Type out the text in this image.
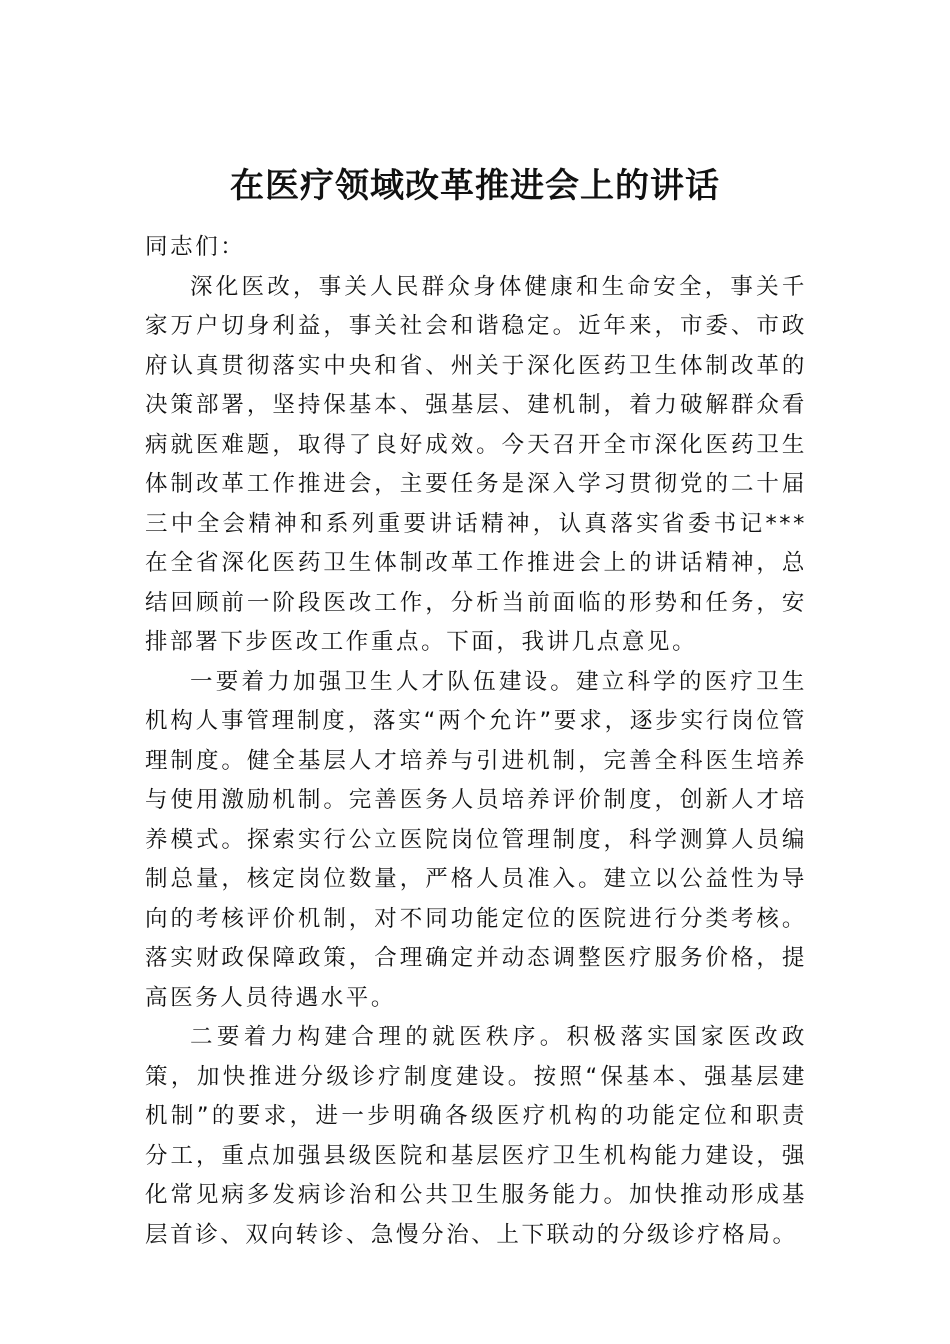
在医疗领域改革推进会上的讲话

同志们：

深化医改，事关人民群众身体健康和生命安全，事关千家万户切身利益，事关社会和谐稳定。近年来，市委、市政府认真贯彻落实中央和省、州关于深化医药卫生体制改革的决策部署，坚持保基本、强基层、建机制，着力破解群众看病就医难题，取得了良好成效。今天召开全市深化医药卫生体制改革工作推进会，主要任务是深入学习贯彻党的二十届三中全会精神和系列重要讲话精神，认真落实省委书记***在全省深化医药卫生体制改革工作推进会上的讲话精神，总结回顾前一阶段医改工作，分析当前面临的形势和任务，安排部署下步医改工作重点。下面，我讲几点意见。

一要着力加强卫生人才队伍建设。建立科学的医疗卫生机构人事管理制度，落实“两个允许”要求，逐步实行岗位管理制度。健全基层人才培养与引进机制，完善全科医生培养与使用激励机制。完善医务人员培养评价制度，创新人才培养模式。探索实行公立医院岗位管理制度，科学测算人员编制总量，核定岗位数量，严格人员准入。建立以公益性为导向的考核评价机制，对不同功能定位的医院进行分类考核。落实财政保障政策，合理确定并动态调整医疗服务价格，提高医务人员待遇水平。

二要着力构建合理的就医秩序。积极落实国家医改政策，加快推进分级诊疗制度建设。按照“保基本、强基层建机制”的要求，进一步明确各级医疗机构的功能定位和职责分工，重点加强县级医院和基层医疗卫生机构能力建设，强化常见病多发病诊治和公共卫生服务能力。加快推动形成基层首诊、双向转诊、急慢分治、上下联动的分级诊疗格局。
